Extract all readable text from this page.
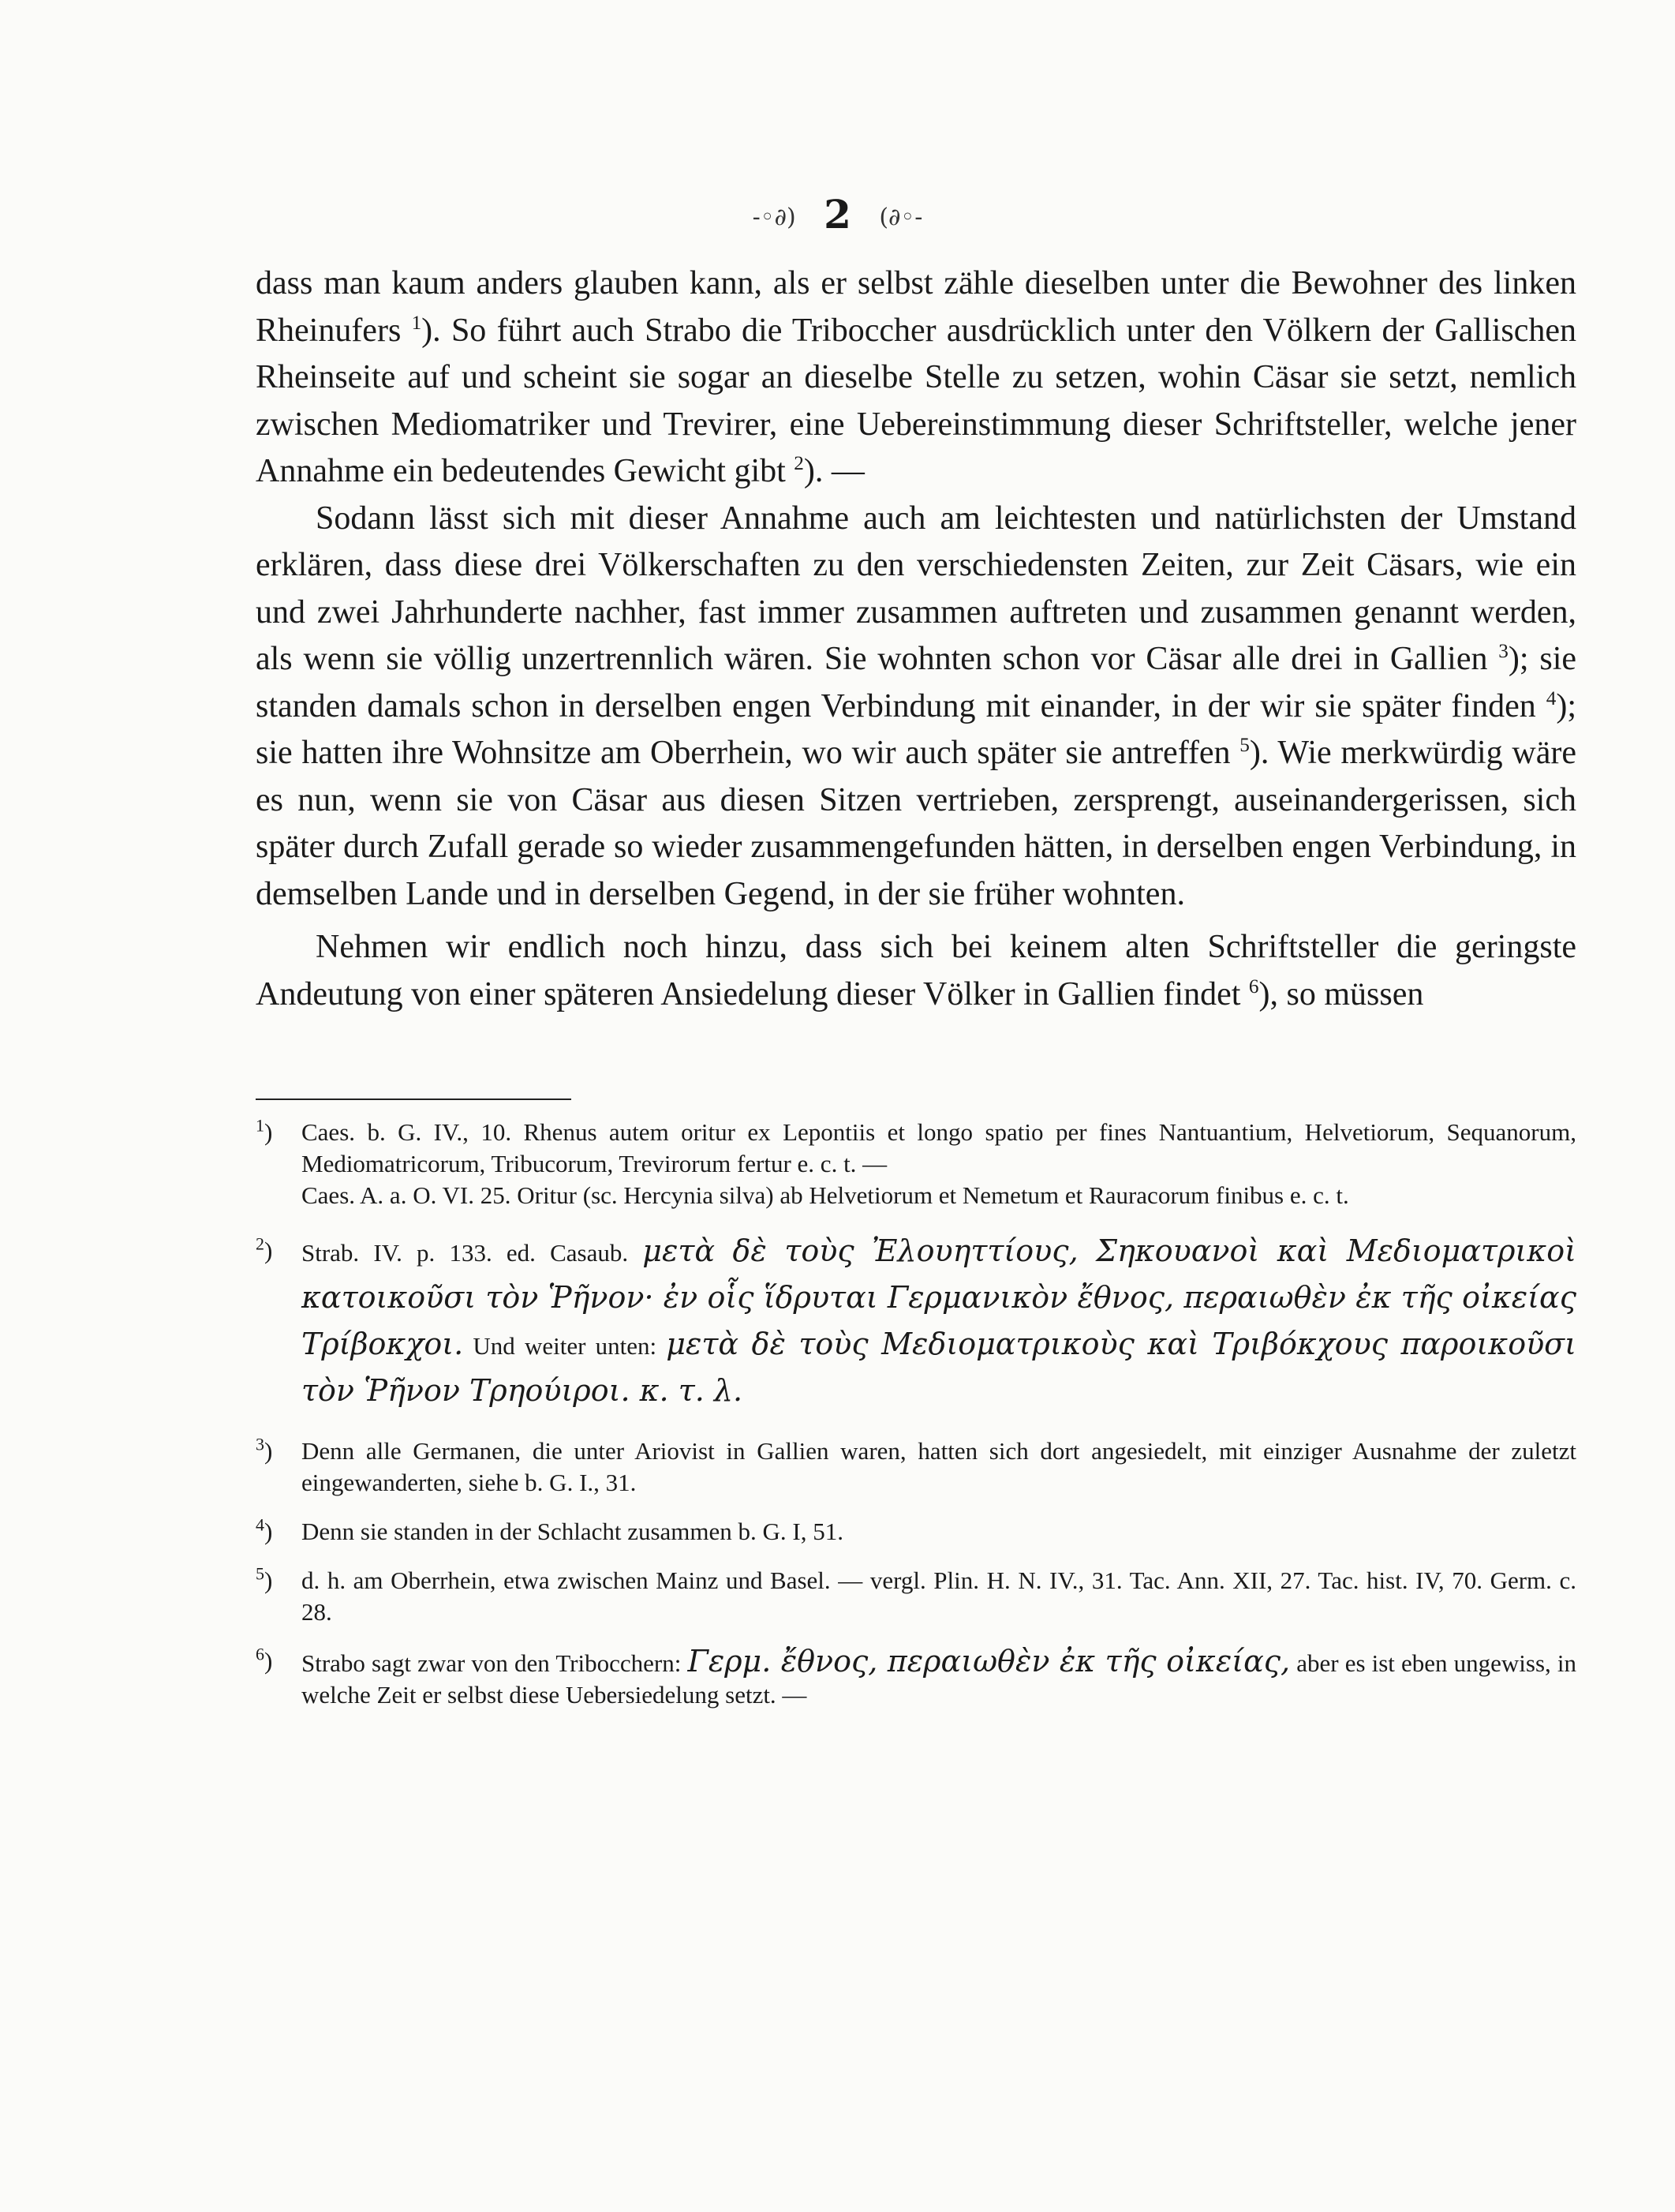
-◦∂) 2 (∂◦-

dass man kaum anders glauben kann, als er selbst zähle dieselben unter die Bewohner des linken Rheinufers $^1$). So führt auch Strabo die Triboccher ausdrücklich unter den Völkern der Gallischen Rheinseite auf und scheint sie sogar an dieselbe Stelle zu setzen, wohin Cäsar sie setzt, nemlich zwischen Mediomatriker und Trevirer, eine Uebereinstimmung dieser Schriftsteller, welche jener Annahme ein bedeutendes Gewicht gibt $^2$). —

Sodann lässt sich mit dieser Annahme auch am leichtesten und natürlichsten der Umstand erklären, dass diese drei Völkerschaften zu den verschiedensten Zeiten, zur Zeit Cäsars, wie ein und zwei Jahrhunderte nachher, fast immer zusammen auftreten und zusammen genannt werden, als wenn sie völlig unzertrennlich wären. Sie wohnten schon vor Cäsar alle drei in Gallien $^3$); sie standen damals schon in derselben engen Verbindung mit einander, in der wir sie später finden $^4$); sie hatten ihre Wohnsitze am Oberrhein, wo wir auch später sie antreffen $^5$). Wie merkwürdig wäre es nun, wenn sie von Cäsar aus diesen Sitzen vertrieben, zersprengt, auseinandergerissen, sich später durch Zufall gerade so wieder zusammengefunden hätten, in derselben engen Verbindung, in demselben Lande und in derselben Gegend, in der sie früher wohnten.

Nehmen wir endlich noch hinzu, dass sich bei keinem alten Schriftsteller die geringste Andeutung von einer späteren Ansiedelung dieser Völker in Gallien findet $^6$), so müssen

$^1$) Caes. b. G. IV., 10. Rhenus autem oritur ex Lepontiis et longo spatio per fines Nantuantium, Helvetiorum, Sequanorum, Mediomatricorum, Tribucorum, Trevirorum fertur e. c. t. —

Caes. A. a. O. VI. 25. Oritur (sc. Hercynia silva) ab Helvetiorum et Nemetum et Rauracorum finibus e. c. t.

$^2$) Strab. IV. p. 133. ed. Casaub. μετὰ δὲ τοὺς Ἐλουηττίους, Σηκουανοὶ καὶ Μεδιοματρικοὶ κατοικοῦσι τὸν Ῥῆνον· ἐν οἷς ἵδρυται Γερμανικὸν ἔθνος, περαιωθὲν ἐκ τῆς οἰκείας Τρίβοκχοι. Und weiter unten: μετὰ δὲ τοὺς Μεδιοματρικοὺς καὶ Τριβόκχους παροικοῦσι τὸν Ῥῆνον Τρηούιροι. κ. τ. λ.

$^3$) Denn alle Germanen, die unter Ariovist in Gallien waren, hatten sich dort angesiedelt, mit einziger Ausnahme der zuletzt eingewanderten, siehe b. G. I., 31.

$^4$) Denn sie standen in der Schlacht zusammen b. G. I, 51.

$^5$) d. h. am Oberrhein, etwa zwischen Mainz und Basel. — vergl. Plin. H. N. IV., 31. Tac. Ann. XII, 27. Tac. hist. IV, 70. Germ. c. 28.

$^6$) Strabo sagt zwar von den Tribocchern: Γερμ. ἔθνος, περαιωθὲν ἐκ τῆς οἰκείας, aber es ist eben ungewiss, in welche Zeit er selbst diese Uebersiedelung setzt. —
